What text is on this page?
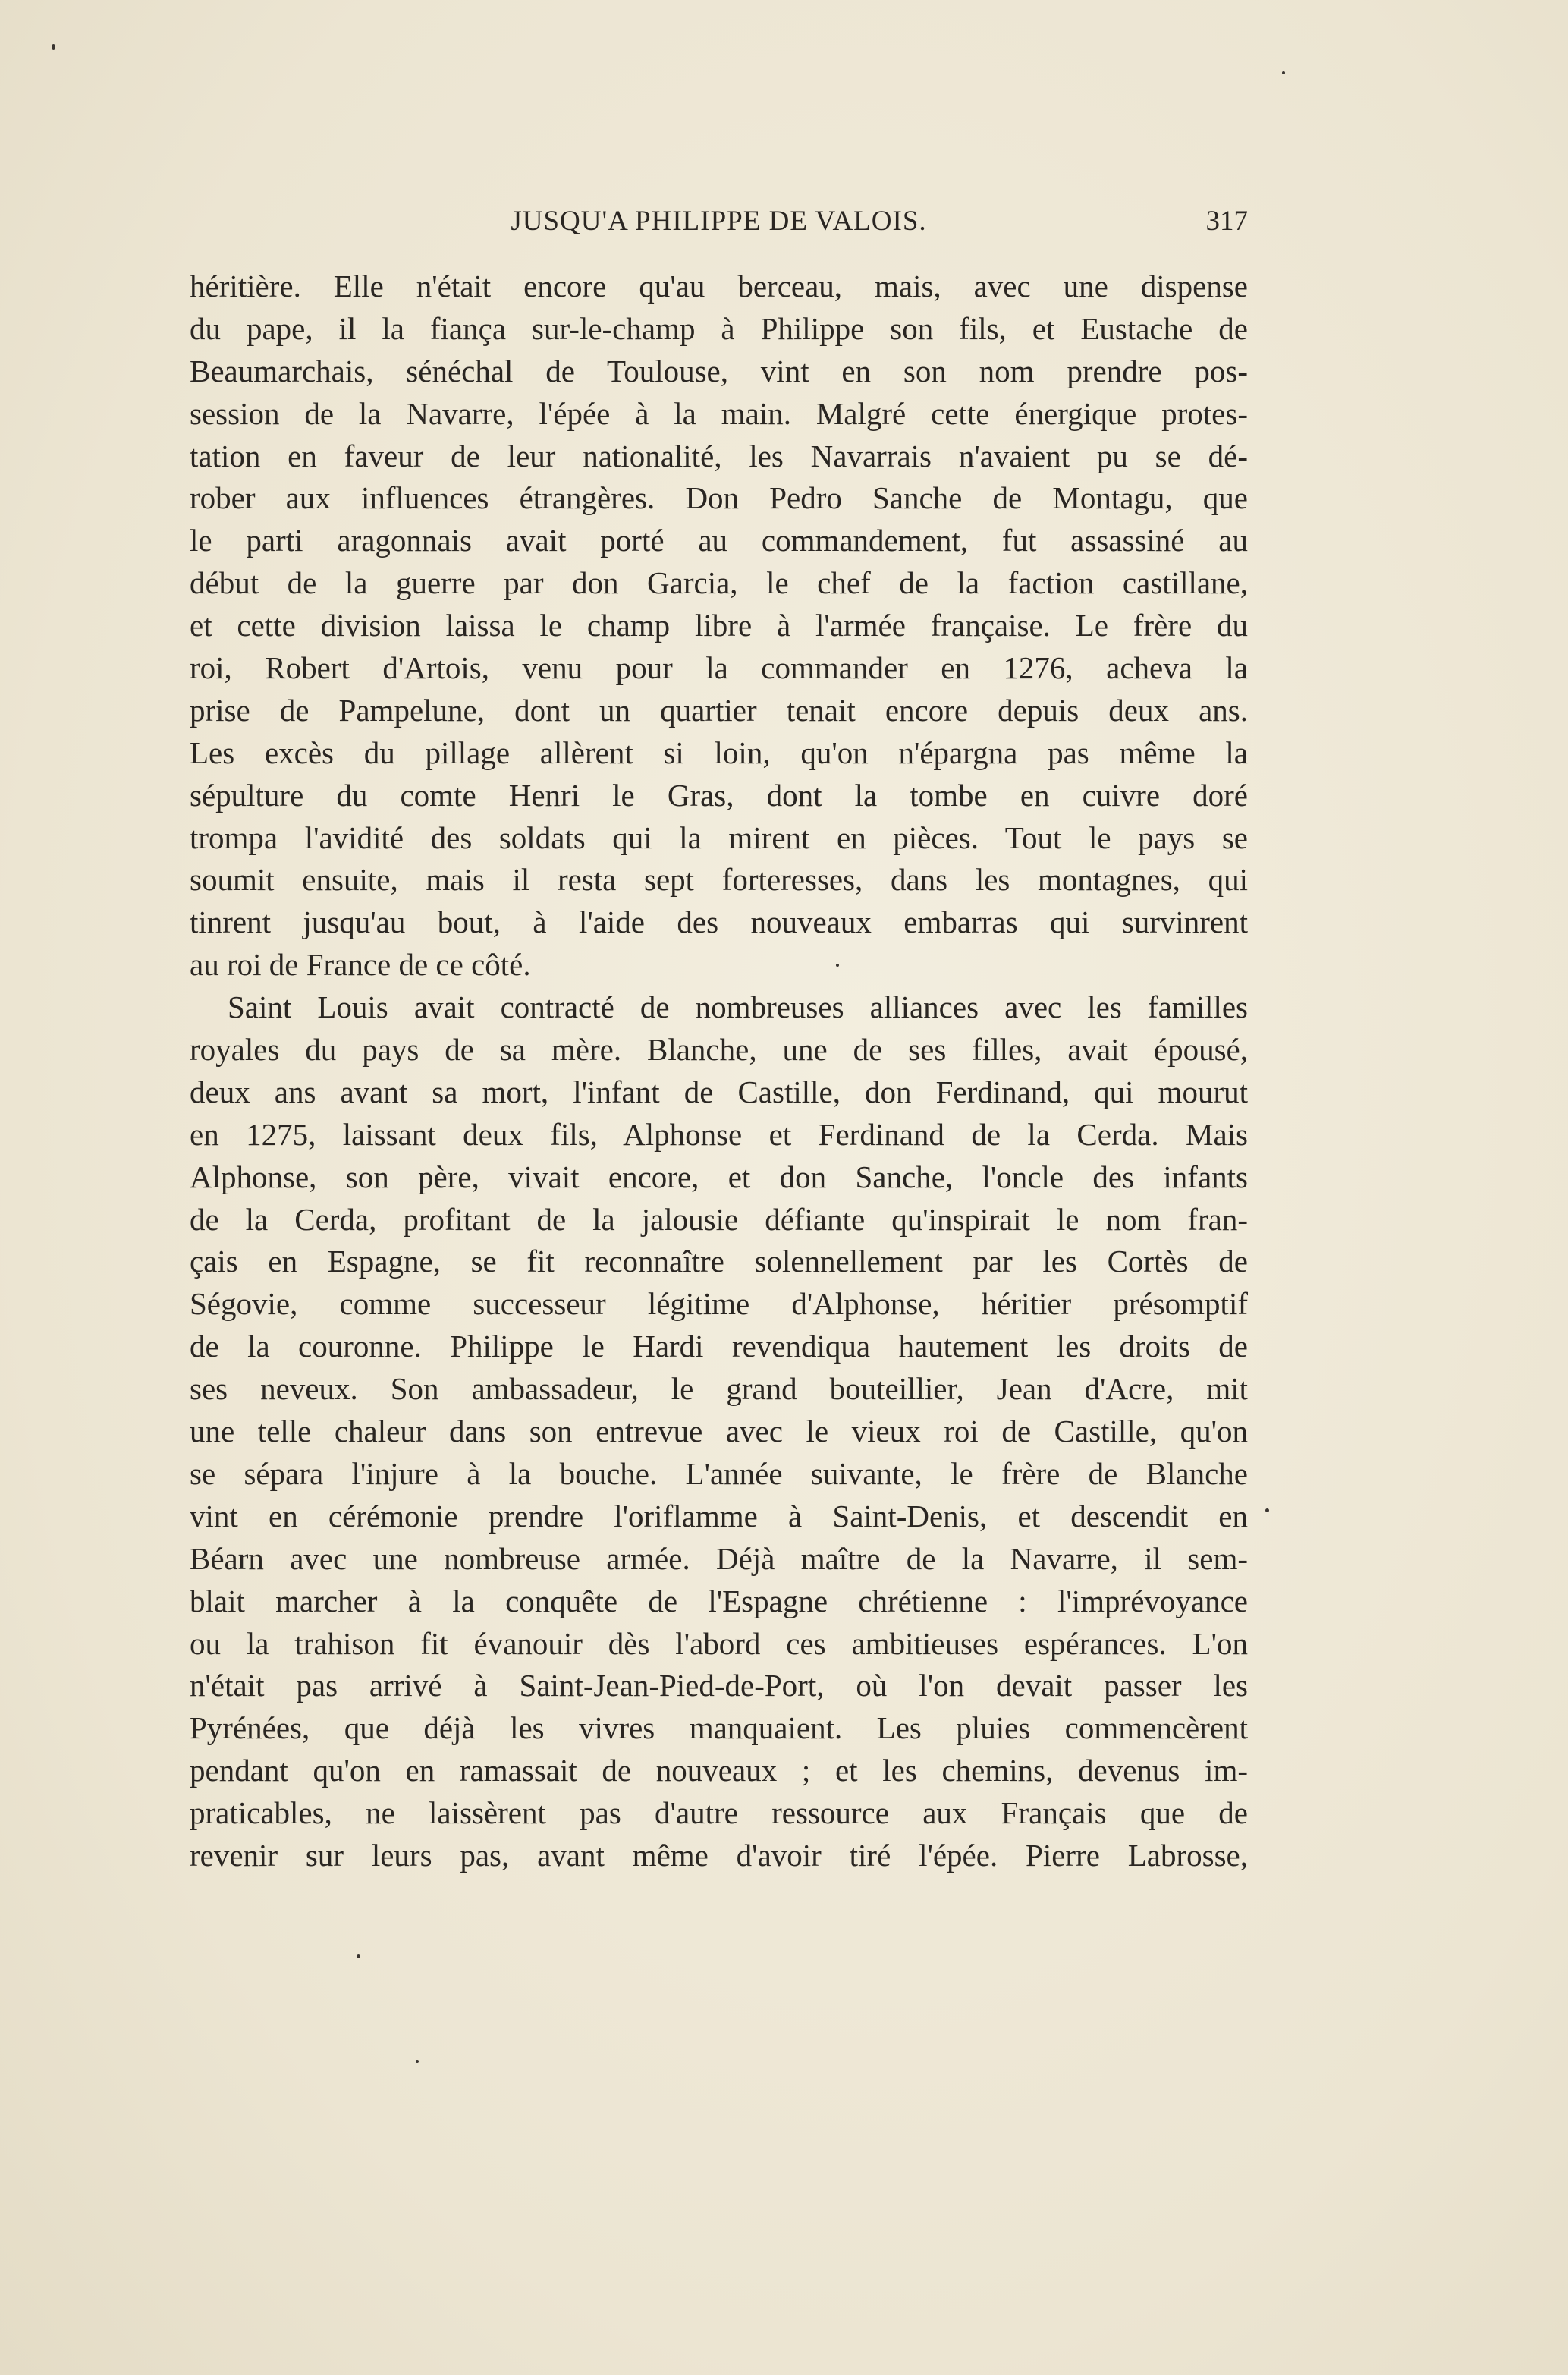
JUSQU'A PHILIPPE DE VALOIS.	317
héritière. Elle n'était encore qu'au berceau, mais, avec une dispense
du pape, il la fiança sur-le-champ à Philippe son fils, et Eustache de
Beaumarchais, sénéchal de Toulouse, vint en son nom prendre pos-
session de la Navarre, l'épée à la main. Malgré cette énergique protes-
tation en faveur de leur nationalité, les Navarrais n'avaient pu se dé-
rober aux influences étrangères. Don Pedro Sanche de Montagu, que
le parti aragonnais avait porté au commandement, fut assassiné au
début de la guerre par don Garcia, le chef de la faction castillane,
et cette division laissa le champ libre à l'armée française. Le frère du
roi, Robert d'Artois, venu pour la commander en 1276, acheva la
prise de Pampelune, dont un quartier tenait encore depuis deux ans.
Les excès du pillage allèrent si loin, qu'on n'épargna pas même la
sépulture du comte Henri le Gras, dont la tombe en cuivre doré
trompa l'avidité des soldats qui la mirent en pièces. Tout le pays se
soumit ensuite, mais il resta sept forteresses, dans les montagnes, qui
tinrent jusqu'au bout, à l'aide des nouveaux embarras qui survinrent
au roi de France de ce côté.
Saint Louis avait contracté de nombreuses alliances avec les familles
royales du pays de sa mère. Blanche, une de ses filles, avait épousé,
deux ans avant sa mort, l'infant de Castille, don Ferdinand, qui mourut
en 1275, laissant deux fils, Alphonse et Ferdinand de la Cerda. Mais
Alphonse, son père, vivait encore, et don Sanche, l'oncle des infants
de la Cerda, profitant de la jalousie défiante qu'inspirait le nom fran-
çais en Espagne, se fit reconnaître solennellement par les Cortès de
Ségovie, comme successeur légitime d'Alphonse, héritier présomptif
de la couronne. Philippe le Hardi revendiqua hautement les droits de
ses neveux. Son ambassadeur, le grand bouteillier, Jean d'Acre, mit
une telle chaleur dans son entrevue avec le vieux roi de Castille, qu'on
se sépara l'injure à la bouche. L'année suivante, le frère de Blanche
vint en cérémonie prendre l'oriflamme à Saint-Denis, et descendit en
Béarn avec une nombreuse armée. Déjà maître de la Navarre, il sem-
blait marcher à la conquête de l'Espagne chrétienne : l'imprévoyance
ou la trahison fit évanouir dès l'abord ces ambitieuses espérances. L'on
n'était pas arrivé à Saint-Jean-Pied-de-Port, où l'on devait passer les
Pyrénées, que déjà les vivres manquaient. Les pluies commencèrent
pendant qu'on en ramassait de nouveaux ; et les chemins, devenus im-
praticables, ne laissèrent pas d'autre ressource aux Français que de
revenir sur leurs pas, avant même d'avoir tiré l'épée. Pierre Labrosse,
